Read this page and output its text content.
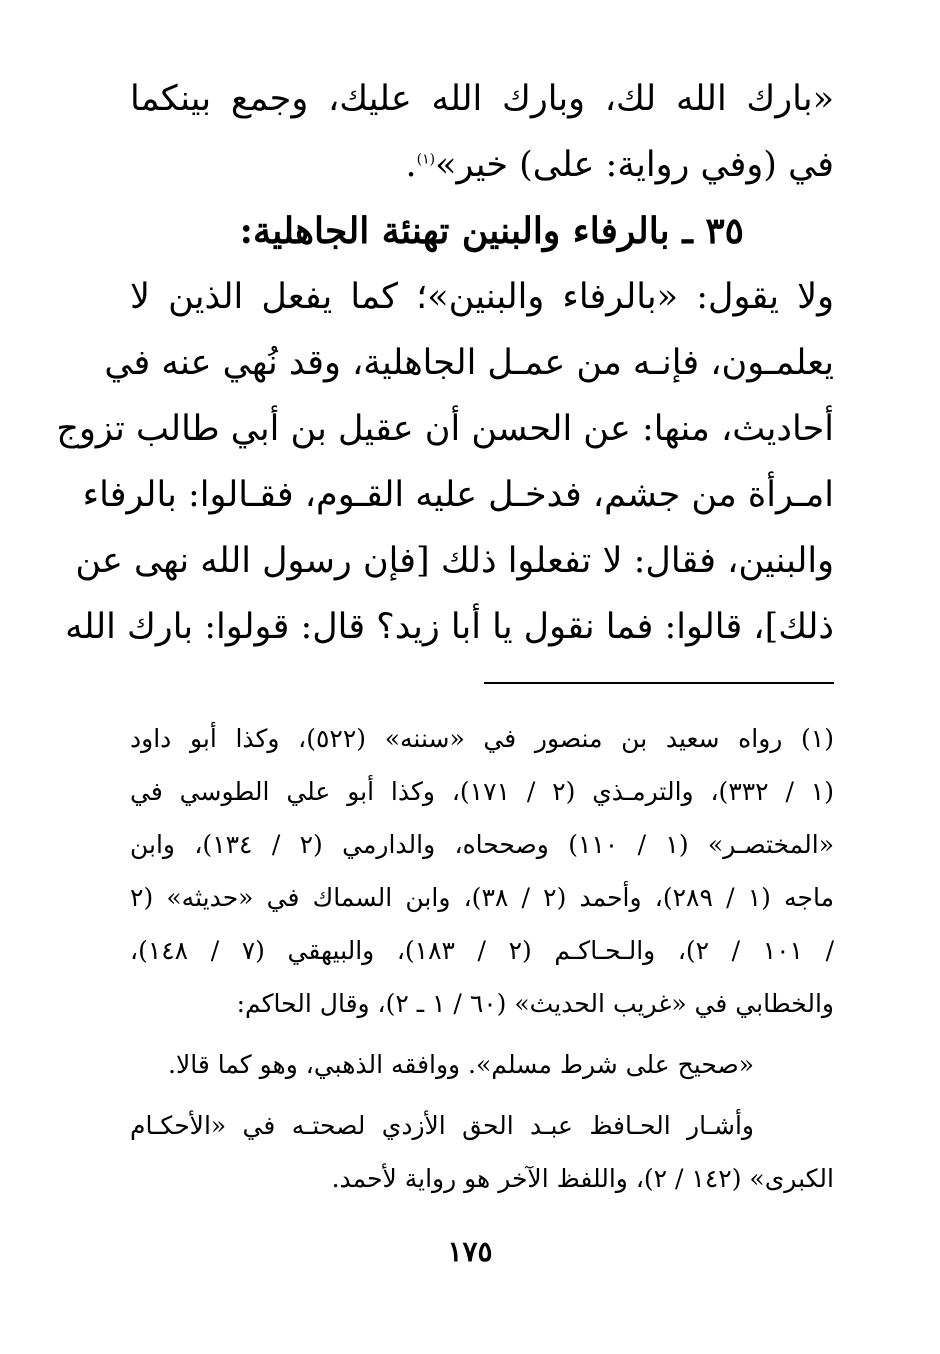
«بارك الله لك، وبارك الله عليك، وجمع بينكما
في (وفي رواية: على) خير»$^{(١)}$.
٣٥ ـ بالرفاء والبنين تهنئة الجاهلية:
ولا يقول: «بالرفاء والبنين»؛ كما يفعل الذين لا
يعلمـون، فإنـه من عمـل الجاهلية، وقد نُهي عنه في
أحاديث، منها: عن الحسن أن عقيل بن أبي طالب تزوج
امـرأة من جشم، فدخـل عليه القـوم، فقـالوا: بالرفاء
والبنين، فقال: لا تفعلوا ذلك [فإن رسول الله نهى عن
ذلك]، قالوا: فما نقول يا أبا زيد؟ قال: قولوا: بارك الله
(١) رواه سعيد بن منصور في «سننه» (٥٢٢)، وكذا أبو داود
(١ / ٣٣٢)، والترمـذي (٢ / ١٧١)، وكذا أبو علي الطوسي في
«المختصـر» (١ / ١١٠) وصححاه، والدارمي (٢ / ١٣٤)، وابن
ماجه (١ / ٢٨٩)، وأحمد (٢ / ٣٨)، وابن السماك في «حديثه» (٢
/ ١٠١ / ٢)، والـحـاكـم (٢ / ١٨٣)، والبيهقي (٧ / ١٤٨)،
والخطابي في «غريب الحديث» (٦٠ / ١ ـ ٢)، وقال الحاكم:
«صحيح على شرط مسلم». ووافقه الذهبي، وهو كما قالا.
وأشـار الحـافظ عبـد الحق الأزدي لصحتـه في «الأحكـام
الكبرى» (١٤٢ / ٢)، واللفظ الآخر هو رواية لأحمد.
١٧٥
